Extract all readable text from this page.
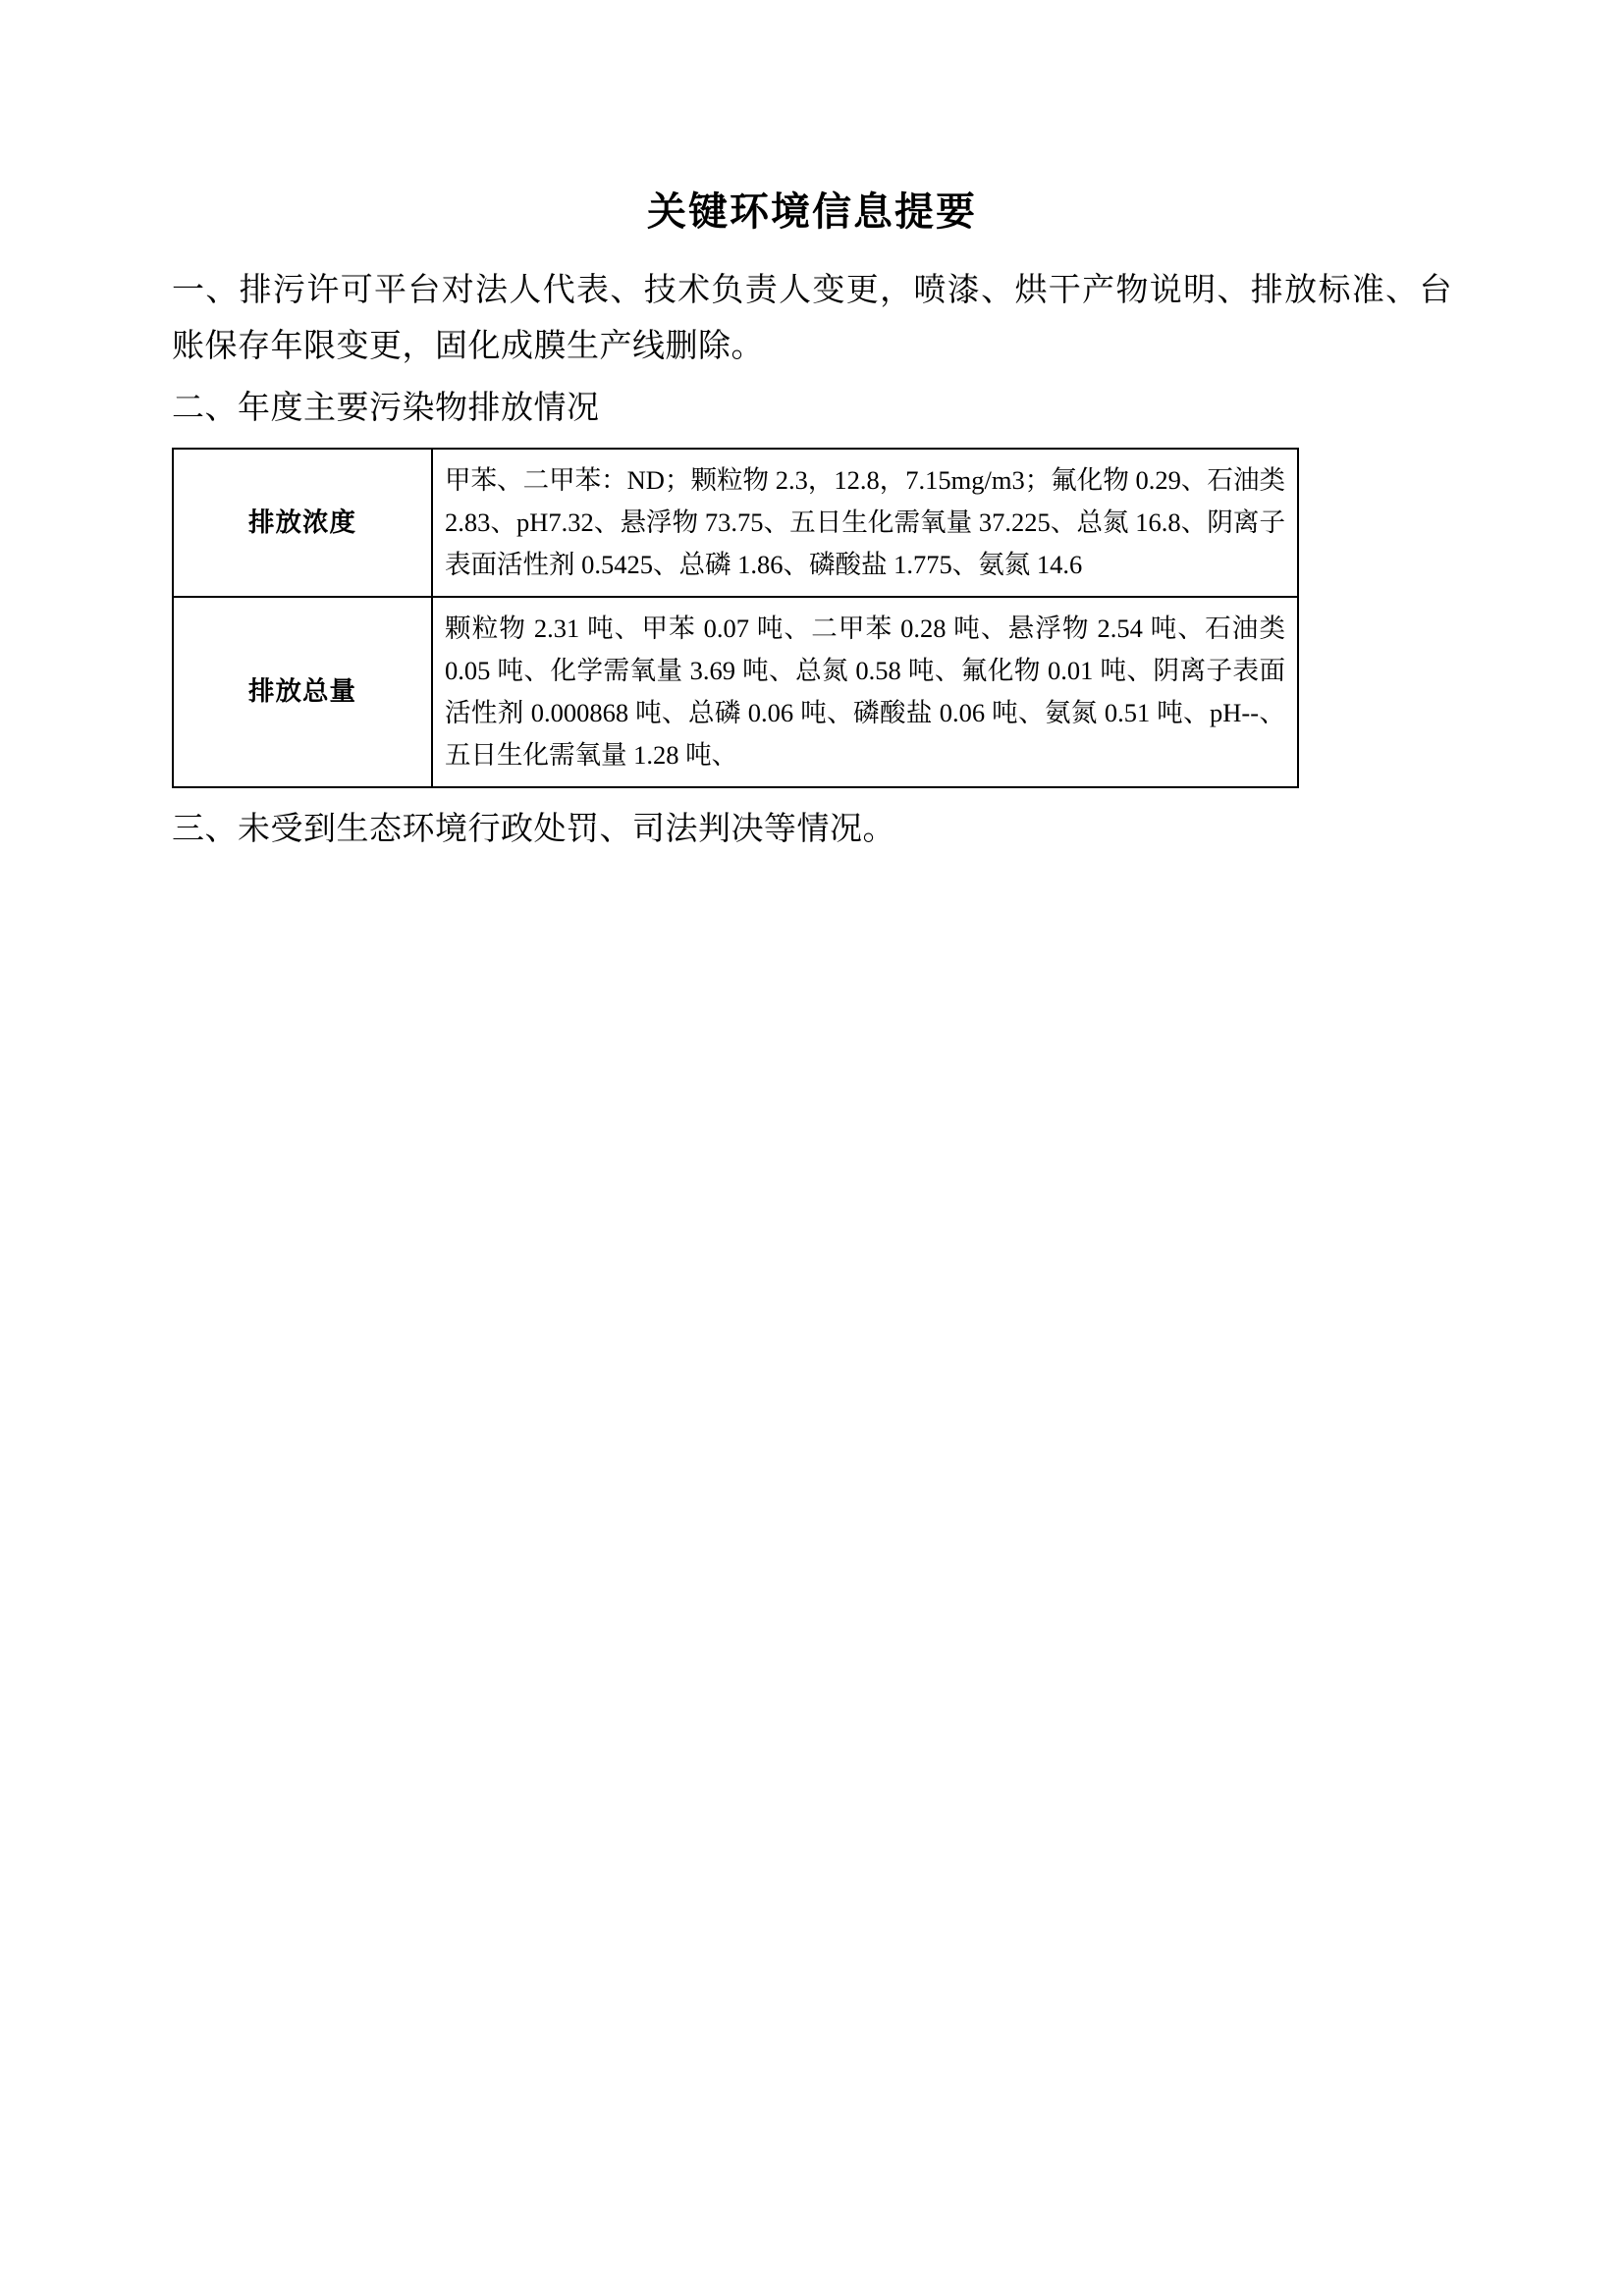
关键环境信息提要

一、排污许可平台对法人代表、技术负责人变更，喷漆、烘干产物说明、排放标准、台账保存年限变更，固化成膜生产线删除。

二、年度主要污染物排放情况

排放浓度	甲苯、二甲苯：ND；颗粒物 2.3，12.8，7.15mg/m3；氟化物 0.29、石油类 2.83、pH7.32、悬浮物 73.75、五日生化需氧量 37.225、总氮 16.8、阴离子表面活性剂 0.5425、总磷 1.86、磷酸盐 1.775、氨氮 14.6
排放总量	颗粒物 2.31 吨、甲苯 0.07 吨、二甲苯 0.28 吨、悬浮物 2.54 吨、石油类 0.05 吨、化学需氧量 3.69 吨、总氮 0.58 吨、氟化物 0.01 吨、阴离子表面活性剂 0.000868 吨、总磷 0.06 吨、磷酸盐 0.06 吨、氨氮 0.51 吨、pH--、五日生化需氧量 1.28 吨、

三、未受到生态环境行政处罚、司法判决等情况。
